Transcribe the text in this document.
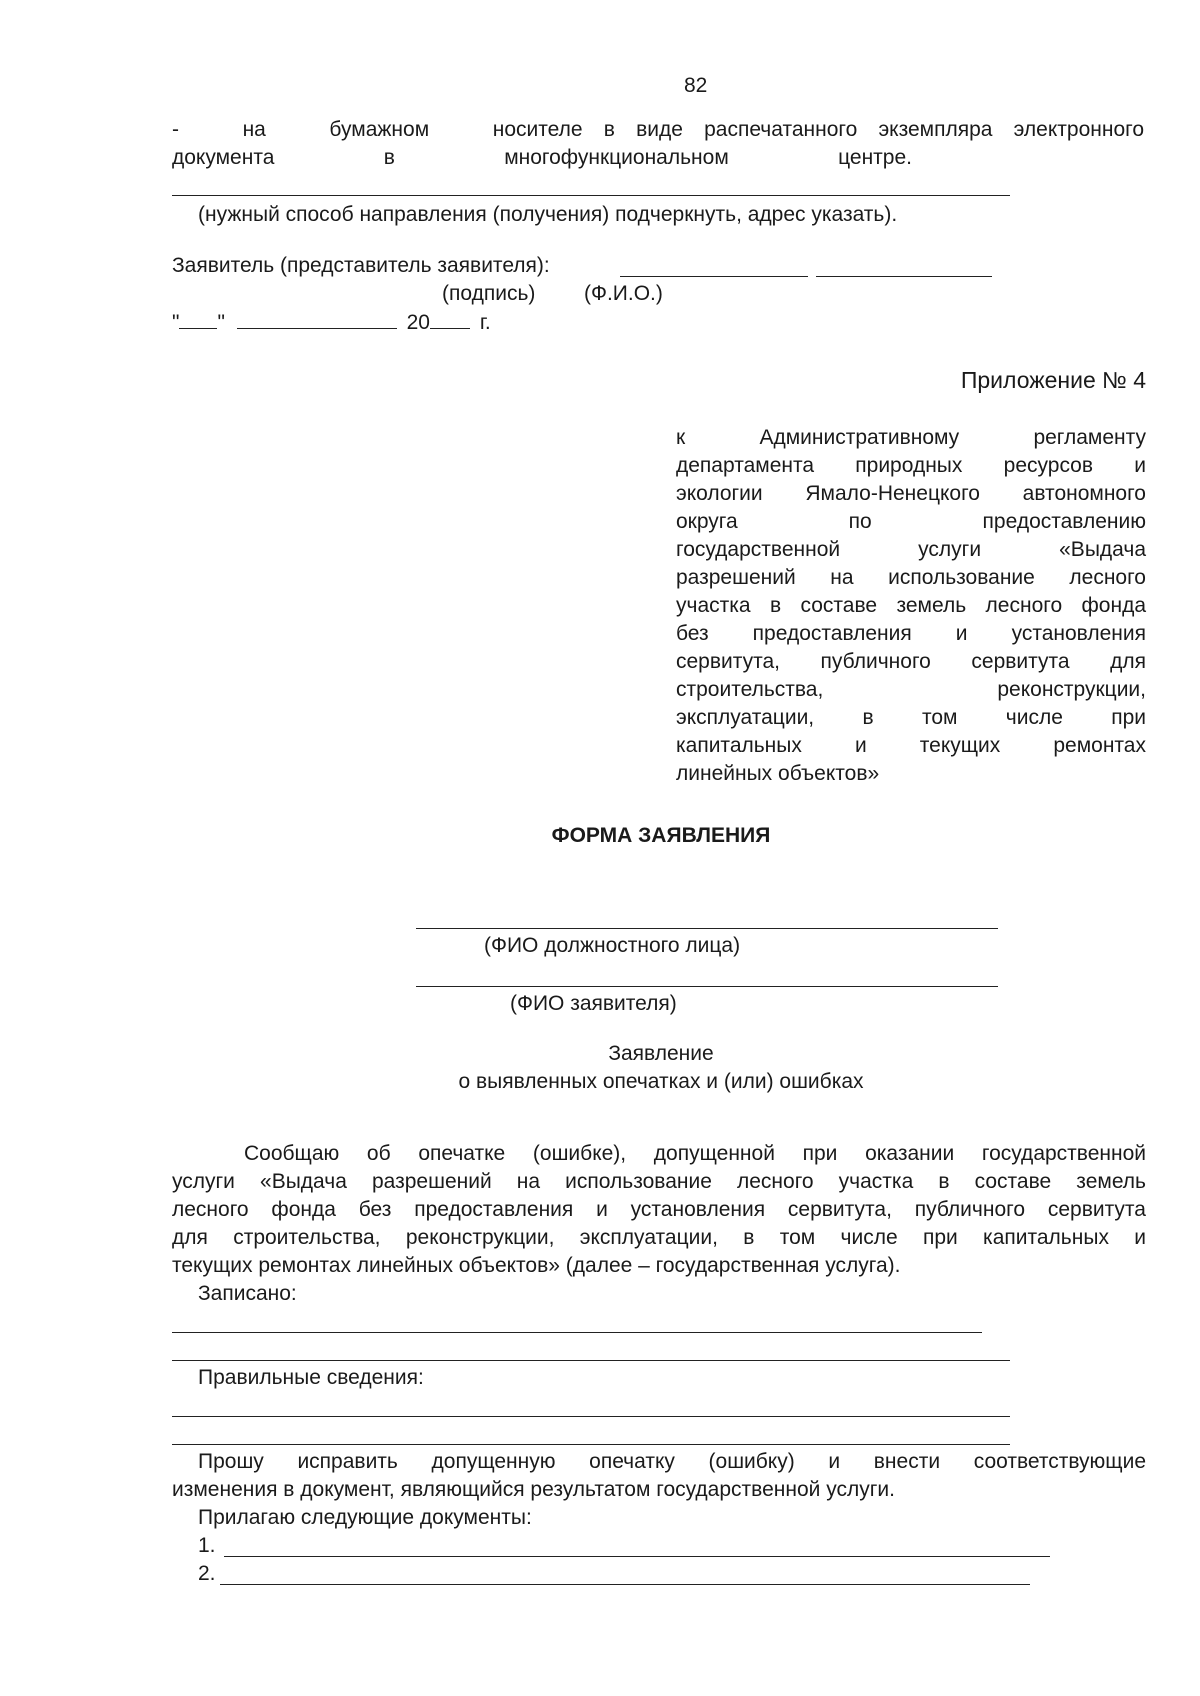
82
-   на   бумажном   носителе в виде распечатанного экземпляра электронного
документа	в	многофункциональном	центре.
(нужный способ направления (получения) подчеркнуть, адрес указать).
Заявитель (представитель заявителя):
(подпись) (Ф.И.О.)
" "	20 г.
Приложение № 4
к Административному регламенту
департамента природных ресурсов и
экологии Ямало-Ненецкого автономного
округа по предоставлению
государственной услуги «Выдача
разрешений на использование лесного
участка в составе земель лесного фонда
без предоставления и установления
сервитута, публичного сервитута для
строительства, реконструкции,
эксплуатации, в том числе при
капитальных и текущих ремонтах
линейных объектов»
ФОРМА ЗАЯВЛЕНИЯ
(ФИО должностного лица)
(ФИО заявителя)
Заявление
о выявленных опечатках и (или) ошибках
Сообщаю об опечатке (ошибке), допущенной при оказании государственной
услуги «Выдача разрешений на использование лесного участка в составе земель
лесного фонда без предоставления и установления сервитута, публичного сервитута
для строительства, реконструкции, эксплуатации, в том числе при капитальных и
текущих ремонтах линейных объектов» (далее – государственная услуга).
Записано:
Правильные сведения:
Прошу исправить допущенную опечатку (ошибку) и внести соответствующие
изменения в документ, являющийся результатом государственной услуги.
Прилагаю следующие документы:
1.
2.
